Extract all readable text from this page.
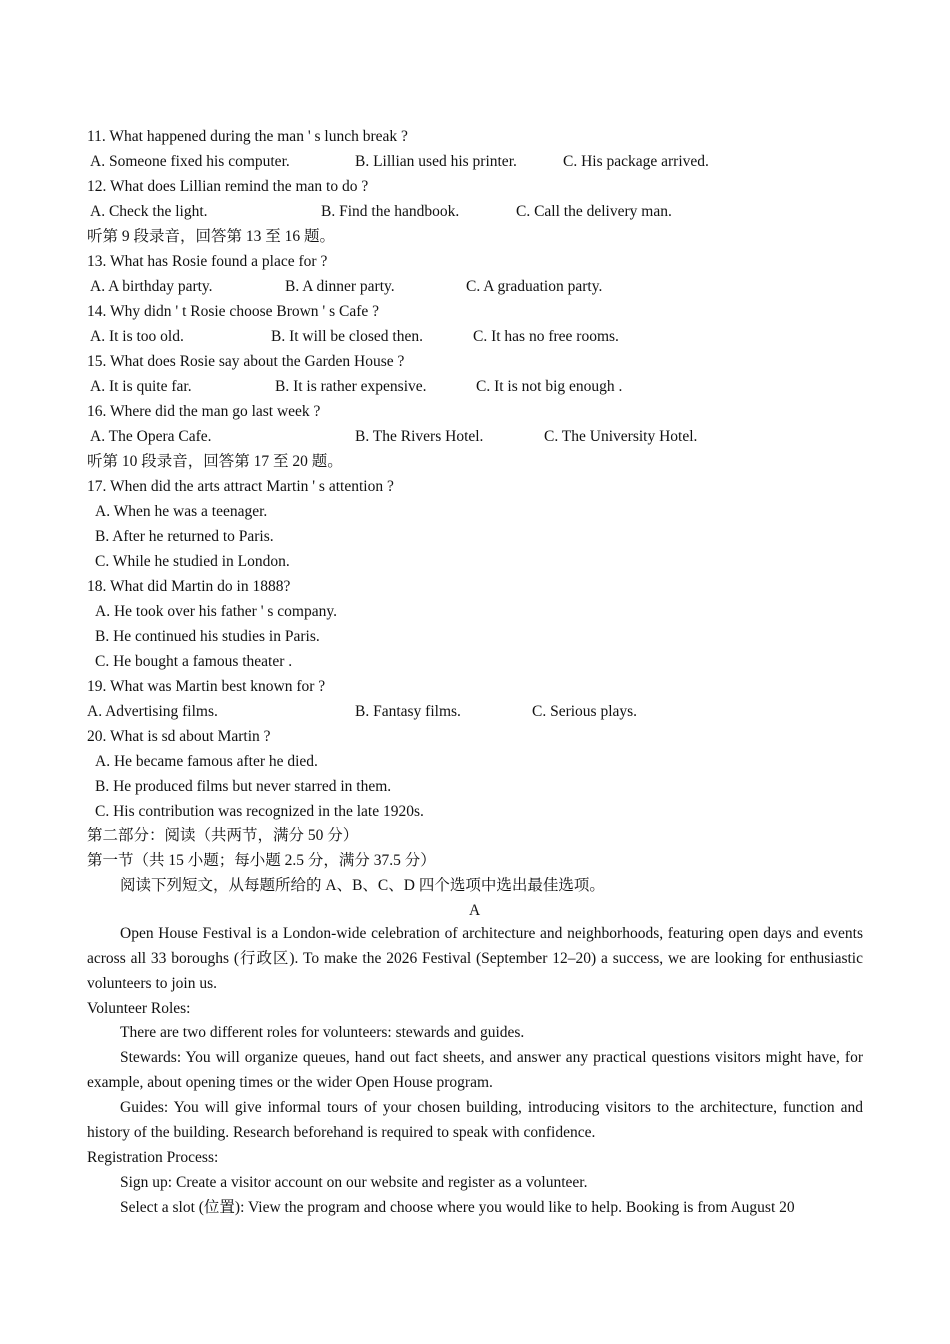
11. What happened during the man ' s lunch break ?
A. Someone fixed his computer.	B. Lillian used his printer.	C. His package arrived.
12. What does Lillian remind the man to do ?
A. Check the light.	B. Find the handbook.	C. Call the delivery man.
听第 9 段录音，回答第 13 至 16 题。
13. What has Rosie found a place for ?
A. A birthday party.	B. A dinner party.	C. A graduation party.
14. Why didn ' t Rosie choose Brown ' s Cafe ?
A. It is too old.	B. It will be closed then.	C. It has no free rooms.
15. What does Rosie say about the Garden House ?
A. It is quite far.	B. It is rather expensive.	C. It is not big enough .
16. Where did the man go last week ?
A. The Opera Cafe.	B. The Rivers Hotel.	C. The University Hotel.
听第 10 段录音，回答第 17 至 20 题。
17. When did the arts attract Martin ' s attention ?
A. When he was a teenager.
B. After he returned to Paris.
C. While he studied in London.
18. What did Martin do in 1888?
A. He took over his father ' s company.
B. He continued his studies in Paris.
C. He bought a famous theater .
19. What was Martin best known for ?
A. Advertising films.	B. Fantasy films.	C. Serious plays.
20. What is sd about Martin ?
A. He became famous after he died.
B. He produced films but never starred in them.
C. His contribution was recognized in the late 1920s.
第二部分：阅读（共两节，满分 50 分）
第一节（共 15 小题；每小题 2.5 分，满分 37.5 分）
阅读下列短文，从每题所给的 A、B、C、D 四个选项中选出最佳选项。
A
Open House Festival is a London-wide celebration of architecture and neighborhoods, featuring open days and events across all 33 boroughs (行政区). To make the 2026 Festival (September 12–20) a success, we are looking for enthusiastic volunteers to join us.
Volunteer Roles:
There are two different roles for volunteers: stewards and guides.
Stewards: You will organize queues, hand out fact sheets, and answer any practical questions visitors might have, for example, about opening times or the wider Open House program.
Guides: You will give informal tours of your chosen building, introducing visitors to the architecture, function and history of the building. Research beforehand is required to speak with confidence.
Registration Process:
Sign up: Create a visitor account on our website and register as a volunteer.
Select a slot (位置): View the program and choose where you would like to help. Booking is from August 20
